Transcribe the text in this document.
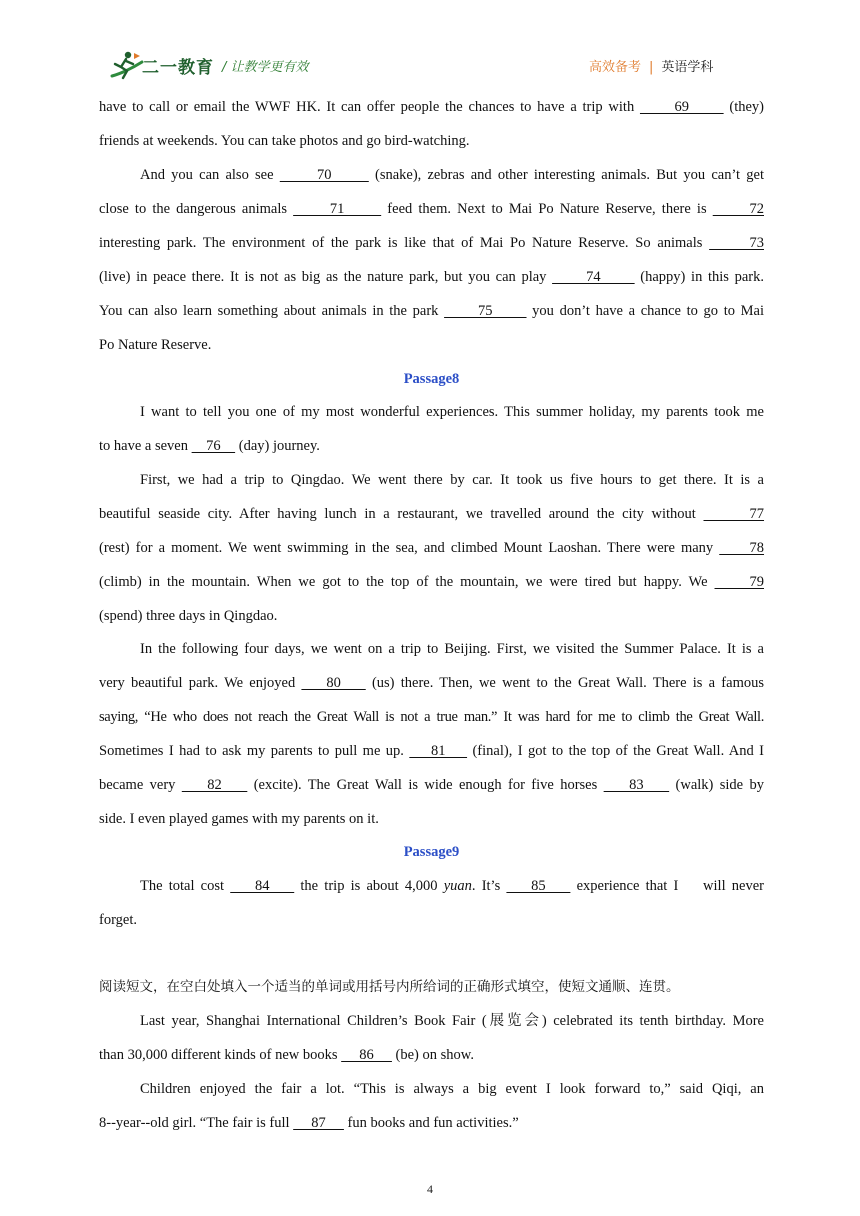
二一教育 / 让教学更有效	高效备考 | 英语学科
have to call or email the WWF HK. It can offer people the chances to have a trip with       69       (they)
friends at weekends. You can take photos and go bird-watching.
And you can also see       70       (snake), zebras and other interesting animals. But you can’t get
close to the dangerous animals       71       feed them. Next to Mai Po Nature Reserve, there is       72
interesting park. The environment of the park is like that of Mai Po Nature Reserve. So animals       73
(live) in peace there. It is not as big as the nature park, but you can play       74       (happy) in this park.
You can also learn something about animals in the park       75       you don’t have a chance to go to Mai
Po Nature Reserve.
Passage8
I want to tell you one of my most wonderful experiences. This summer holiday, my parents took me
to have a seven     76     (day) journey.
First, we had a trip to Qingdao. We went there by car. It took us five hours to get there. It is a
beautiful seaside city. After having lunch in a restaurant, we travelled around the city without       77
(rest) for a moment. We went swimming in the sea, and climbed Mount Laoshan. There were many      78
(climb) in the mountain. When we got to the top of the mountain, we were tired but happy. We      79
(spend) three days in Qingdao.
In the following four days, we went on a trip to Beijing. First, we visited the Summer Palace. It is a
very beautiful park. We enjoyed     80     (us) there. Then, we went to the Great Wall. There is a famous
saying, “He who does not reach the Great Wall is not a true man.” It was hard for me to climb the Great Wall.
Sometimes I had to ask my parents to pull me up.     81     (final), I got to the top of the Great Wall. And I
became very     82     (excite). The Great Wall is wide enough for five horses     83     (walk) side by
side. I even played games with my parents on it.
Passage9
The total cost     84     the trip is about 4,000 yuan. It’s     85     experience that I    will never
forget.
阅读短文，在空白处填入一个适当的单词或用括号内所给词的正确形式填空，使短文通顺、连贯。
Last year, Shanghai International Children’s Book Fair (展览会) celebrated its tenth birthday. More
than 30,000 different kinds of new books      86      (be) on show.
Children enjoyed the fair a lot. “This is always a big event I look forward to,” said Qiqi, an
8--year--old girl. “The fair is full      87      fun books and fun activities.”
4
